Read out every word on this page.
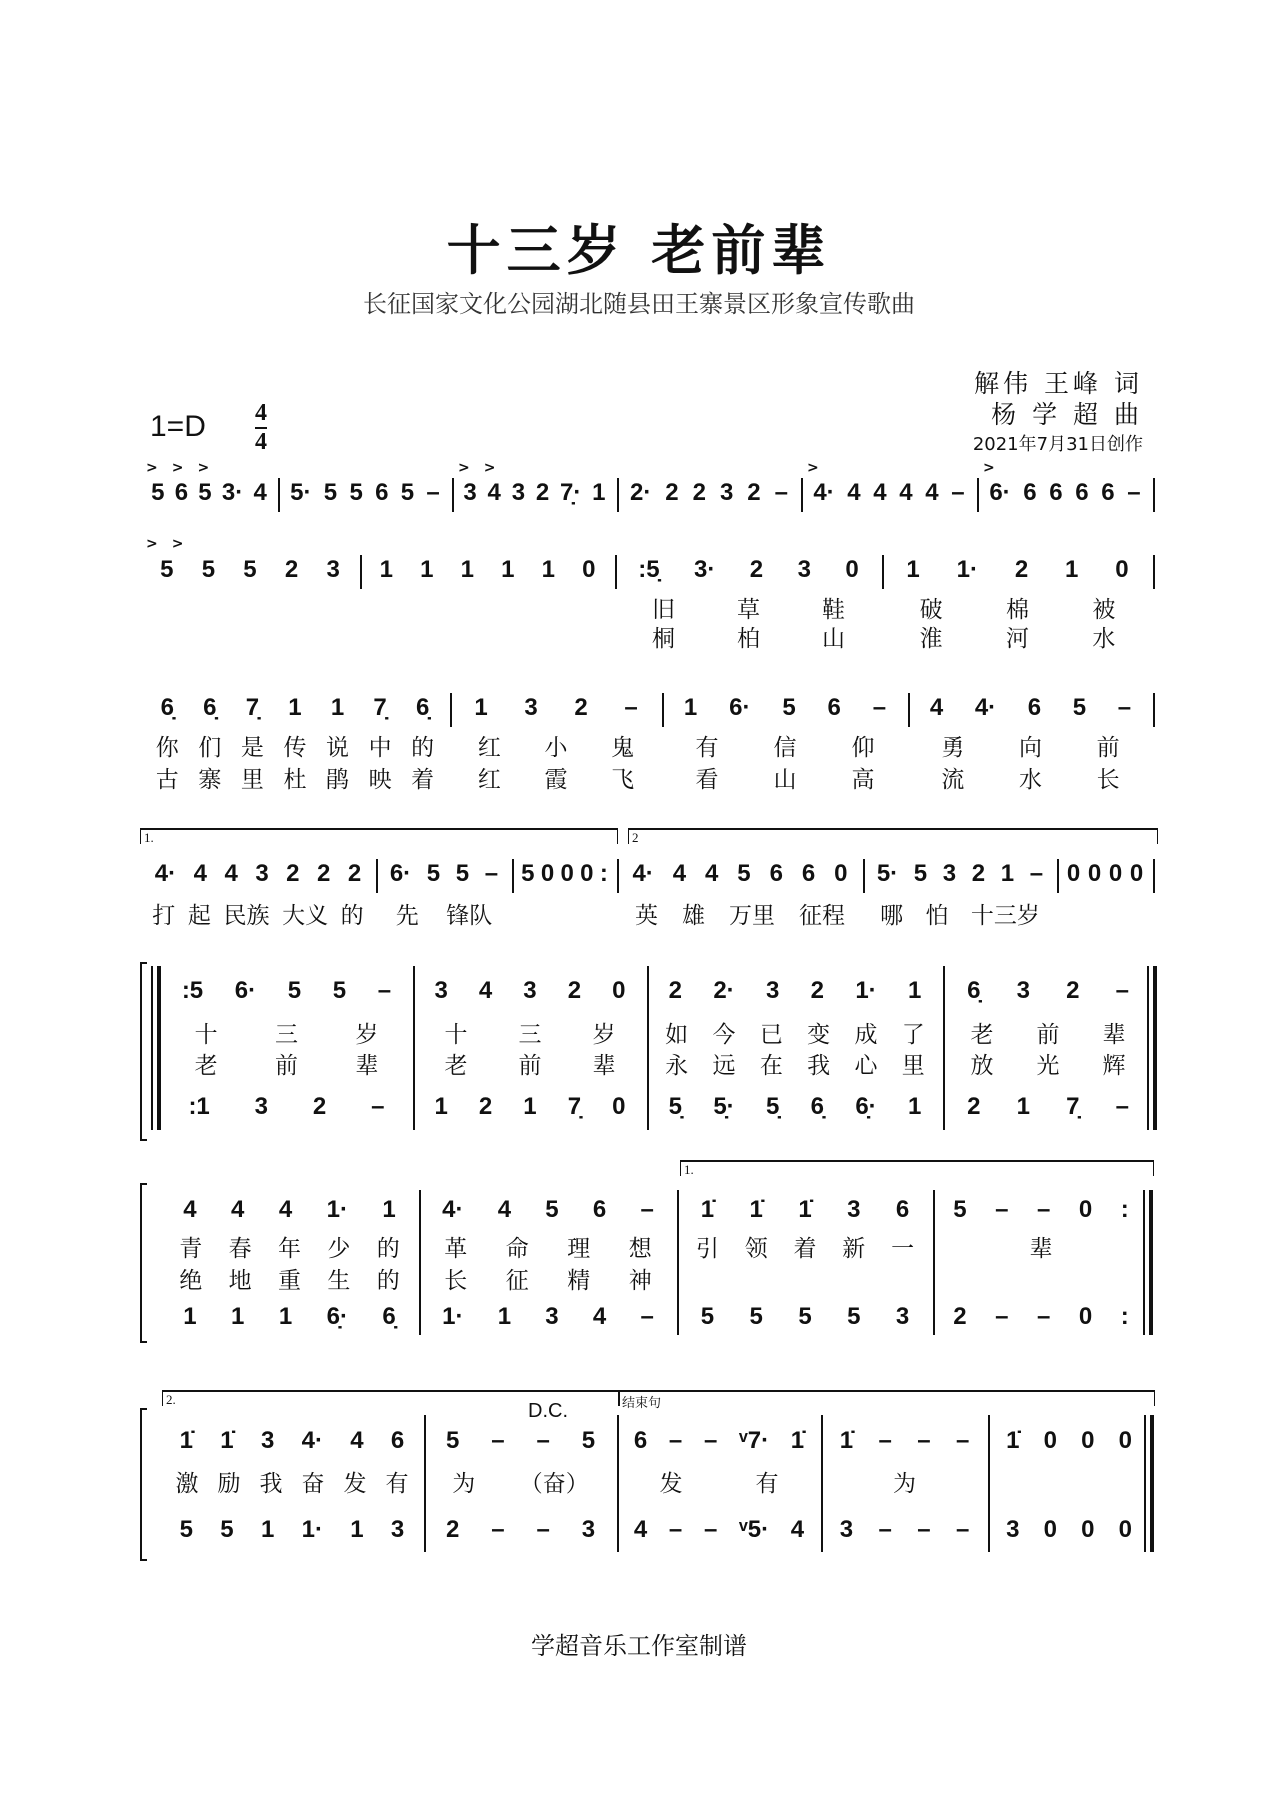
十三岁 老前辈
长征国家文化公园湖北随县田王寨景区形象宣传歌曲
解伟 王峰 词
杨 学 超 曲
2021年7月31日创作
1=D 4
4
学超音乐工作室制谱
> > >	> >	>	>
5 6 5 3· 4 5· 5 5 6 5 – 3 4 3 2 7̣· 1 2· 2 2 3 2 – 4· 4 4 4 4 – 6· 6 6 6 6 –
> >
5 5 5 2 3 1 1 1 1 1 0 :5̣ 3· 2 3 0 1 1· 2 1 0
旧	草	鞋	破	棉	被
桐	柏	山	淮	河	水
6̣ 6̣ 7̣ 1 1 7̣ 6̣ 1 3 2 – 1 6· 5 6 – 4 4· 6 5 –
你 们 是 传 说 中 的 红 小 鬼	有 信 仰	勇 向 前
古 寨 里 杜 鹃 映 着 红 霞 飞	看 山 高	流 水 长
4· 4 4 3 2 2 2 6· 5 5 – 5 0 0 0 : 4· 4 4 5 6 6 0 5· 5 3 2 1 – 0 0 0 0
打 起 民族 大义 的 先 锋队	英 雄 万里 征程 哪 怕 十三岁
1.	2
:5 6· 5 5 – 3 4 3 2 0 2 2· 3 2 1· 1 6̣ 3 2 –
十 三 岁	十 三 岁 如 今 已 变 成 了 老 前 辈
老 前 辈	老 前 辈 永 远 在 我 心 里 放 光 辉
:1 3 2 – 1 2 1 7̣ 0 5̣ 5̣· 5̣ 6̣ 6̣· 1 2 1 7̣ –
4 4 4 1· 1 4· 4 5 6 – 1̇ 1̇ 1̇ 3 6 5 – – 0 :
青 春 年 少 的 革 命 理 想 引 领 着 新 一	辈
绝 地 重 生 的 长 征 精 神
1 1 1 6̣· 6̣ 1· 1 3 4 – 5 5 5 5 3 2 – – 0 :
1.
1̇ 1̇ 3 4· 4 6 5 – – 5 6 – – ᵛ7· 1̇ 1̇ – – – 1̇ 0 0 0
激 励 我 奋 发 有 为 （奋）	发	有	为
5 5 1 1· 1 3 2 – – 3 4 – – ᵛ5· 4 3 – – – 3 0 0 0
2.	结束句
D.C.
